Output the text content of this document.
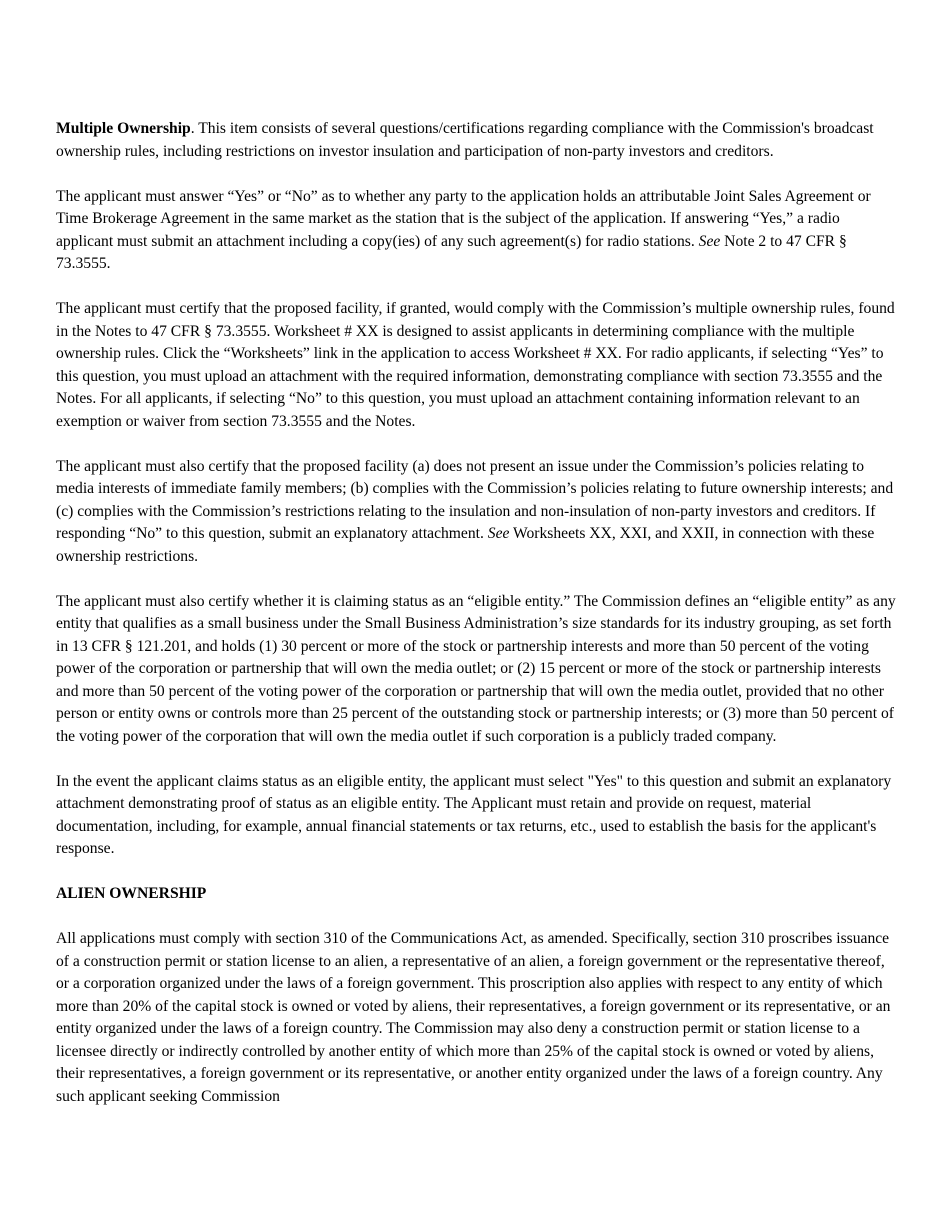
Multiple Ownership. This item consists of several questions/certifications regarding compliance with the Commission's broadcast ownership rules, including restrictions on investor insulation and participation of non-party investors and creditors.

The applicant must answer “Yes” or “No” as to whether any party to the application holds an attributable Joint Sales Agreement or Time Brokerage Agreement in the same market as the station that is the subject of the application. If answering “Yes,” a radio applicant must submit an attachment including a copy(ies) of any such agreement(s) for radio stations. See Note 2 to 47 CFR § 73.3555.

The applicant must certify that the proposed facility, if granted, would comply with the Commission’s multiple ownership rules, found in the Notes to 47 CFR § 73.3555. Worksheet # XX is designed to assist applicants in determining compliance with the multiple ownership rules. Click the “Worksheets” link in the application to access Worksheet # XX. For radio applicants, if selecting “Yes” to this question, you must upload an attachment with the required information, demonstrating compliance with section 73.3555 and the Notes. For all applicants, if selecting “No” to this question, you must upload an attachment containing information relevant to an exemption or waiver from section 73.3555 and the Notes.

The applicant must also certify that the proposed facility (a) does not present an issue under the Commission’s policies relating to media interests of immediate family members; (b) complies with the Commission’s policies relating to future ownership interests; and (c) complies with the Commission’s restrictions relating to the insulation and non-insulation of non-party investors and creditors. If responding “No” to this question, submit an explanatory attachment. See Worksheets XX, XXI, and XXII, in connection with these ownership restrictions.

The applicant must also certify whether it is claiming status as an “eligible entity.” The Commission defines an “eligible entity” as any entity that qualifies as a small business under the Small Business Administration’s size standards for its industry grouping, as set forth in 13 CFR § 121.201, and holds (1) 30 percent or more of the stock or partnership interests and more than 50 percent of the voting power of the corporation or partnership that will own the media outlet; or (2) 15 percent or more of the stock or partnership interests and more than 50 percent of the voting power of the corporation or partnership that will own the media outlet, provided that no other person or entity owns or controls more than 25 percent of the outstanding stock or partnership interests; or (3) more than 50 percent of the voting power of the corporation that will own the media outlet if such corporation is a publicly traded company.

In the event the applicant claims status as an eligible entity, the applicant must select "Yes" to this question and submit an explanatory attachment demonstrating proof of status as an eligible entity. The Applicant must retain and provide on request, material documentation, including, for example, annual financial statements or tax returns, etc., used to establish the basis for the applicant's response.

ALIEN OWNERSHIP

All applications must comply with section 310 of the Communications Act, as amended. Specifically, section 310 proscribes issuance of a construction permit or station license to an alien, a representative of an alien, a foreign government or the representative thereof, or a corporation organized under the laws of a foreign government. This proscription also applies with respect to any entity of which more than 20% of the capital stock is owned or voted by aliens, their representatives, a foreign government or its representative, or an entity organized under the laws of a foreign country. The Commission may also deny a construction permit or station license to a licensee directly or indirectly controlled by another entity of which more than 25% of the capital stock is owned or voted by aliens, their representatives, a foreign government or its representative, or another entity organized under the laws of a foreign country. Any such applicant seeking Commission
